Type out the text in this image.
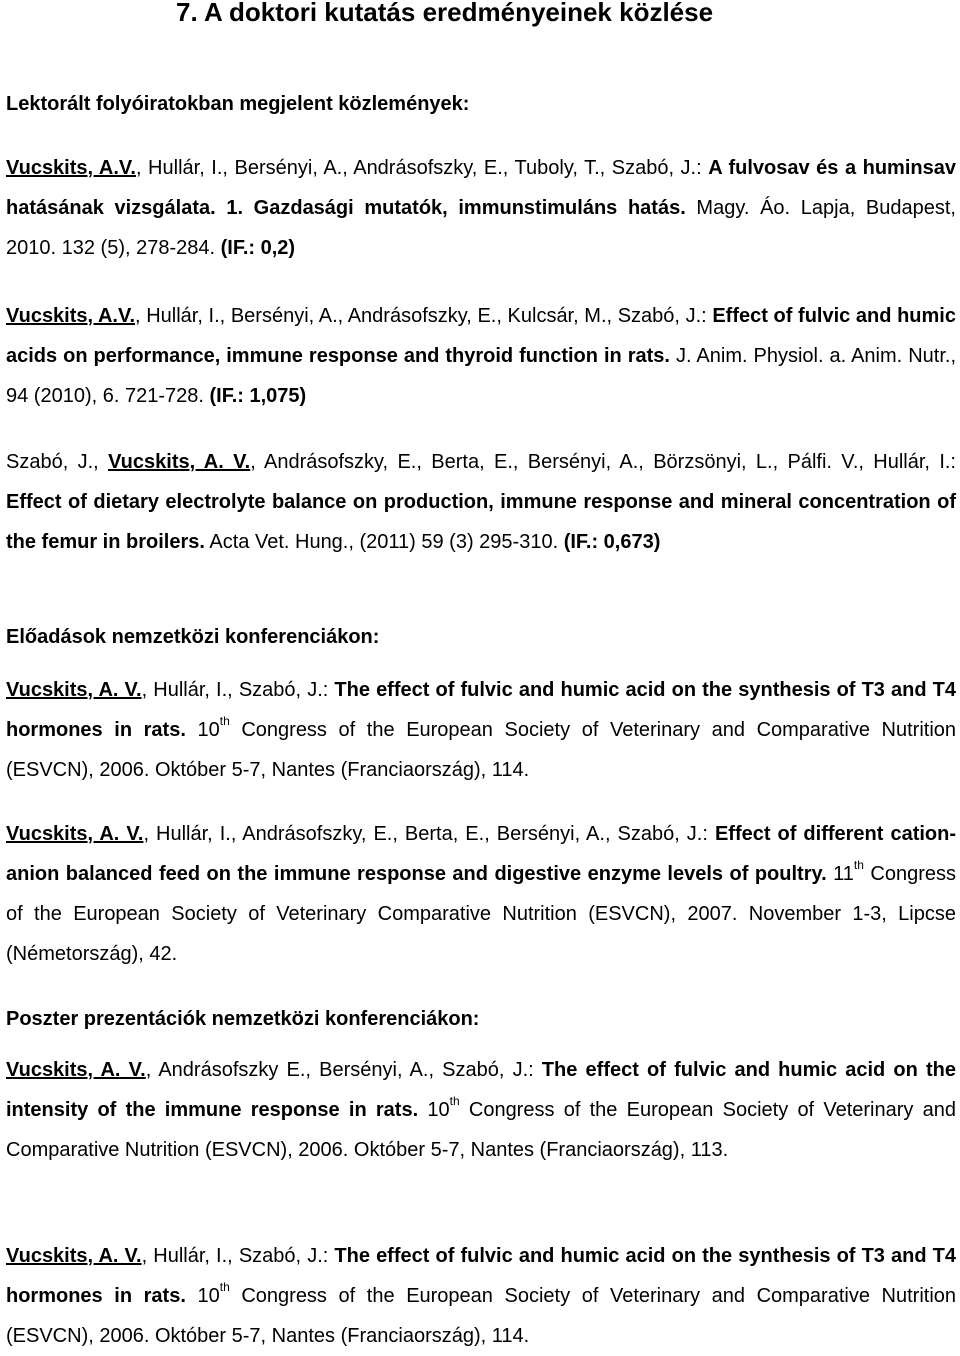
7. A doktori kutatás eredményeinek közlése
Lektorált folyóiratokban megjelent közlemények:

Vucskits, A.V., Hullár, I., Bersényi, A., Andrásofszky, E., Tuboly, T., Szabó, J.: A fulvosav és a huminsav hatásának vizsgálata. 1. Gazdasági mutatók, immunstimuláns hatás. Magy. Áo. Lapja, Budapest, 2010. 132 (5), 278-284. (IF.: 0,2)

Vucskits, A.V., Hullár, I., Bersényi, A., Andrásofszky, E., Kulcsár, M., Szabó, J.: Effect of fulvic and humic acids on performance, immune response and thyroid function in rats. J. Anim. Physiol. a. Anim. Nutr., 94 (2010), 6. 721-728. (IF.: 1,075)

Szabó, J., Vucskits, A. V., Andrásofszky, E., Berta, E., Bersényi, A., Börzsönyi, L., Pálfi. V., Hullár, I.: Effect of dietary electrolyte balance on production, immune response and mineral concentration of the femur in broilers. Acta Vet. Hung., (2011) 59 (3) 295-310. (IF.: 0,673)

Előadások nemzetközi konferenciákon:

Vucskits, A. V., Hullár, I., Szabó, J.: The effect of fulvic and humic acid on the synthesis of T3 and T4 hormones in rats. 10th Congress of the European Society of Veterinary and Comparative Nutrition (ESVCN), 2006. Október 5-7, Nantes (Franciaország), 114.

Vucskits, A. V., Hullár, I., Andrásofszky, E., Berta, E., Bersényi, A., Szabó, J.: Effect of different cation-anion balanced feed on the immune response and digestive enzyme levels of poultry. 11th Congress of the European Society of Veterinary Comparative Nutrition (ESVCN), 2007. November 1-3, Lipcse (Németország), 42.

Poszter prezentációk nemzetközi konferenciákon:

Vucskits, A. V., Andrásofszky E., Bersényi, A., Szabó, J.: The effect of fulvic and humic acid on the intensity of the immune response in rats. 10th Congress of the European Society of Veterinary and Comparative Nutrition (ESVCN), 2006. Október 5-7, Nantes (Franciaország), 113.

Vucskits, A. V., Hullár, I., Szabó, J.: The effect of fulvic and humic acid on the synthesis of T3 and T4 hormones in rats. 10th Congress of the European Society of Veterinary and Comparative Nutrition (ESVCN), 2006. Október 5-7, Nantes (Franciaország), 114.
